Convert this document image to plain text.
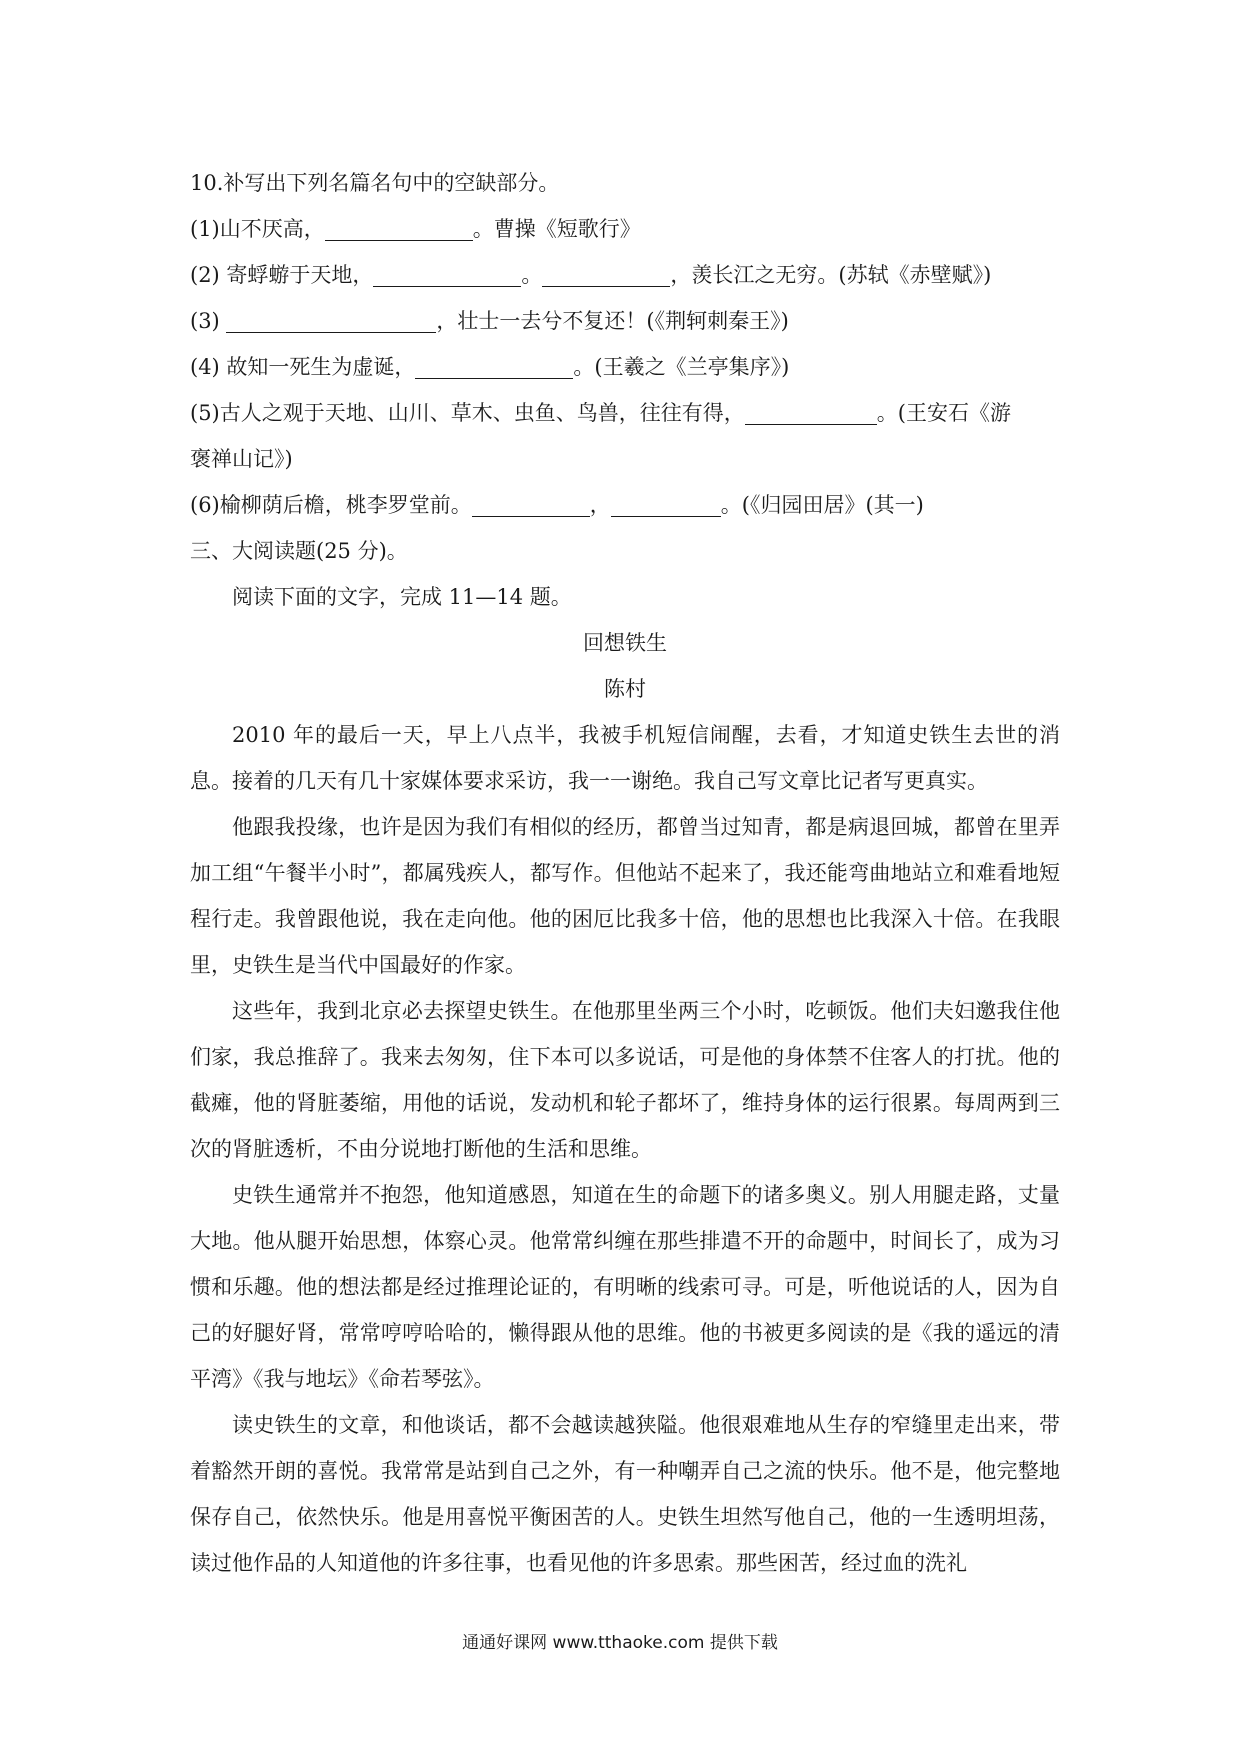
10.补写出下列名篇名句中的空缺部分。
(1)山不厌高，	。曹操《短歌行》
(2) 寄蜉蝣于天地，	。	，羡长江之无穷。(苏轼《赤壁赋》)
(3)	，壮士一去兮不复还！(《荆轲刺秦王》)
(4) 故知一死生为虚诞，	。(王羲之《兰亭集序》)
(5)古人之观于天地、山川、草木、虫鱼、鸟兽，往往有得，	。(王安石《游
褒禅山记》)
(6)榆柳荫后檐，桃李罗堂前。	，	。(《归园田居》(其一)
三、大阅读题(25 分)。
阅读下面的文字，完成 11—14 题。
回想铁生
陈村

2010 年的最后一天，早上八点半，我被手机短信闹醒，去看，才知道史铁生去世的消息。接着的几天有几十家媒体要求采访，我一一谢绝。我自己写文章比记者写更真实。

他跟我投缘，也许是因为我们有相似的经历，都曾当过知青，都是病退回城，都曾在里弄加工组“午餐半小时”，都属残疾人，都写作。但他站不起来了，我还能弯曲地站立和难看地短程行走。我曾跟他说，我在走向他。他的困厄比我多十倍，他的思想也比我深入十倍。在我眼里，史铁生是当代中国最好的作家。

这些年，我到北京必去探望史铁生。在他那里坐两三个小时，吃顿饭。他们夫妇邀我住他们家，我总推辞了。我来去匆匆，住下本可以多说话，可是他的身体禁不住客人的打扰。他的截瘫，他的肾脏萎缩，用他的话说，发动机和轮子都坏了，维持身体的运行很累。每周两到三次的肾脏透析，不由分说地打断他的生活和思维。

史铁生通常并不抱怨，他知道感恩，知道在生的命题下的诸多奥义。别人用腿走路，丈量大地。他从腿开始思想，体察心灵。他常常纠缠在那些排遣不开的命题中，时间长了，成为习惯和乐趣。他的想法都是经过推理论证的，有明晰的线索可寻。可是，听他说话的人，因为自己的好腿好肾，常常哼哼哈哈的，懒得跟从他的思维。他的书被更多阅读的是《我的遥远的清平湾》《我与地坛》《命若琴弦》。

读史铁生的文章，和他谈话，都不会越读越狭隘。他很艰难地从生存的窄缝里走出来，带着豁然开朗的喜悦。我常常是站到自己之外，有一种嘲弄自己之流的快乐。他不是，他完整地保存自己，依然快乐。他是用喜悦平衡困苦的人。史铁生坦然写他自己，他的一生透明坦荡，读过他作品的人知道他的许多往事，也看见他的许多思索。那些困苦，经过血的洗礼

通通好课网 www.tthaoke.com 提供下载
